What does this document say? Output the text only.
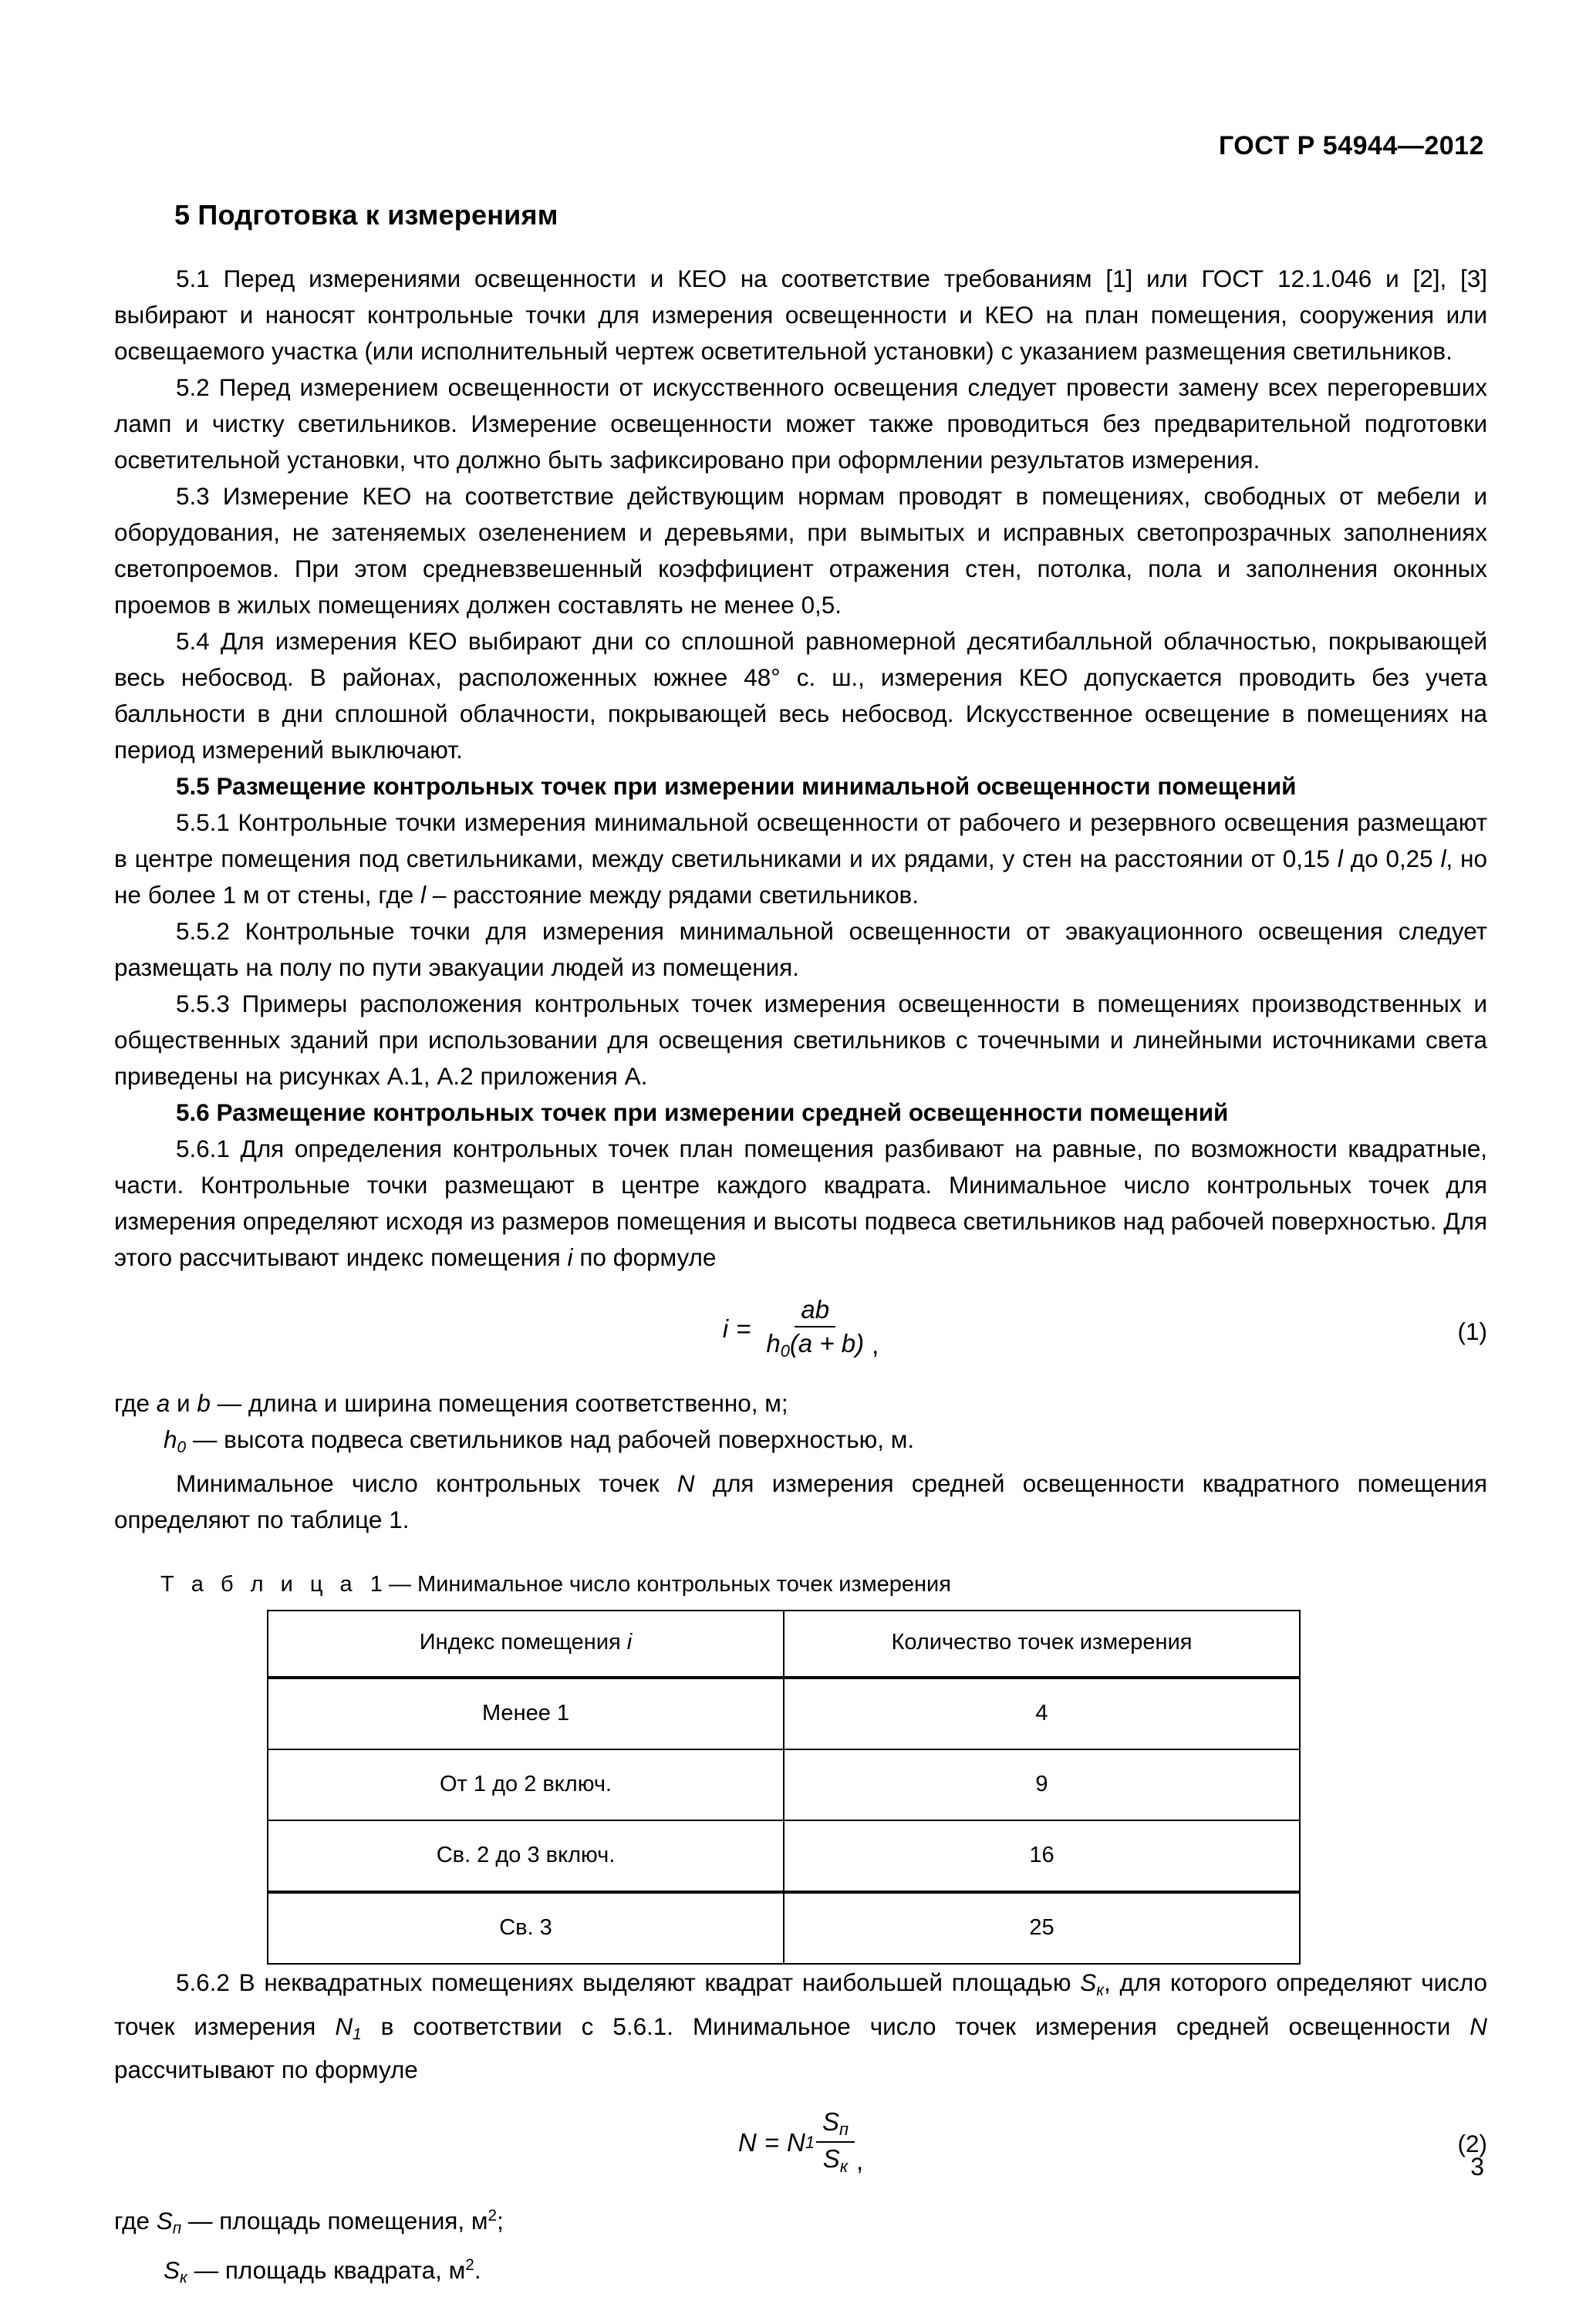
ГОСТ Р 54944—2012
5 Подготовка к измерениям

5.1 Перед измерениями освещенности и КЕО на соответствие требованиям [1] или ГОСТ 12.1.046 и [2], [3] выбирают и наносят контрольные точки для измерения освещенности и КЕО на план помещения, сооружения или освещаемого участка (или исполнительный чертеж осветительной установки) с указанием размещения светильников.

5.2 Перед измерением освещенности от искусственного освещения следует провести замену всех перегоревших ламп и чистку светильников. Измерение освещенности может также проводиться без предварительной подготовки осветительной установки, что должно быть зафиксировано при оформлении результатов измерения.

5.3 Измерение КЕО на соответствие действующим нормам проводят в помещениях, свободных от мебели и оборудования, не затеняемых озеленением и деревьями, при вымытых и исправных светопрозрачных заполнениях светопроемов. При этом средневзвешенный коэффициент отражения стен, потолка, пола и заполнения оконных проемов в жилых помещениях должен составлять не менее 0,5.

5.4 Для измерения КЕО выбирают дни со сплошной равномерной десятибалльной облачностью, покрывающей весь небосвод. В районах, расположенных южнее 48° с. ш., измерения КЕО допускается проводить без учета балльности в дни сплошной облачности, покрывающей весь небосвод. Искусственное освещение в помещениях на период измерений выключают.

5.5 Размещение контрольных точек при измерении минимальной освещенности помещений

5.5.1 Контрольные точки измерения минимальной освещенности от рабочего и резервного освещения размещают в центре помещения под светильниками, между светильниками и их рядами, у стен на расстоянии от 0,15 l до 0,25 l, но не более 1 м от стены, где l – расстояние между рядами светильников.

5.5.2 Контрольные точки для измерения минимальной освещенности от эвакуационного освещения следует размещать на полу по пути эвакуации людей из помещения.

5.5.3 Примеры расположения контрольных точек измерения освещенности в помещениях производственных и общественных зданий при использовании для освещения светильников с точечными и линейными источниками света приведены на рисунках А.1, А.2 приложения А.

5.6 Размещение контрольных точек при измерении средней освещенности помещений

5.6.1 Для определения контрольных точек план помещения разбивают на равные, по возможности квадратные, части. Контрольные точки размещают в центре каждого квадрата. Минимальное число контрольных точек для измерения определяют исходя из размеров помещения и высоты подвеса светильников над рабочей поверхностью. Для этого рассчитывают индекс помещения i по формуле

$i = \frac{ab}{h_0(a + b)}$ ,	(1)

где a и b — длина и ширина помещения соответственно, м;

$h_0$ — высота подвеса светильников над рабочей поверхностью, м.

Минимальное число контрольных точек N для измерения средней освещенности квадратного помещения определяют по таблице 1.

Т а б л и ц а 1 — Минимальное число контрольных точек измерения
Индекс помещения i	Количество точек измерения
Менее 1	4
От 1 до 2 включ.	9
Св. 2 до 3 включ.	16
Св. 3	25

5.6.2 В неквадратных помещениях выделяют квадрат наибольшей площадью $S_к$, для которого определяют число точек измерения $N_1$ в соответствии с 5.6.1. Минимальное число точек измерения средней освещенности N рассчитывают по формуле

N = N $1 \frac{S_п}{S_к}$ ,
(2)

где $S_п$ — площадь помещения, $м^2$;

$S_к$ — площадь квадрата, $м^2$.

3
